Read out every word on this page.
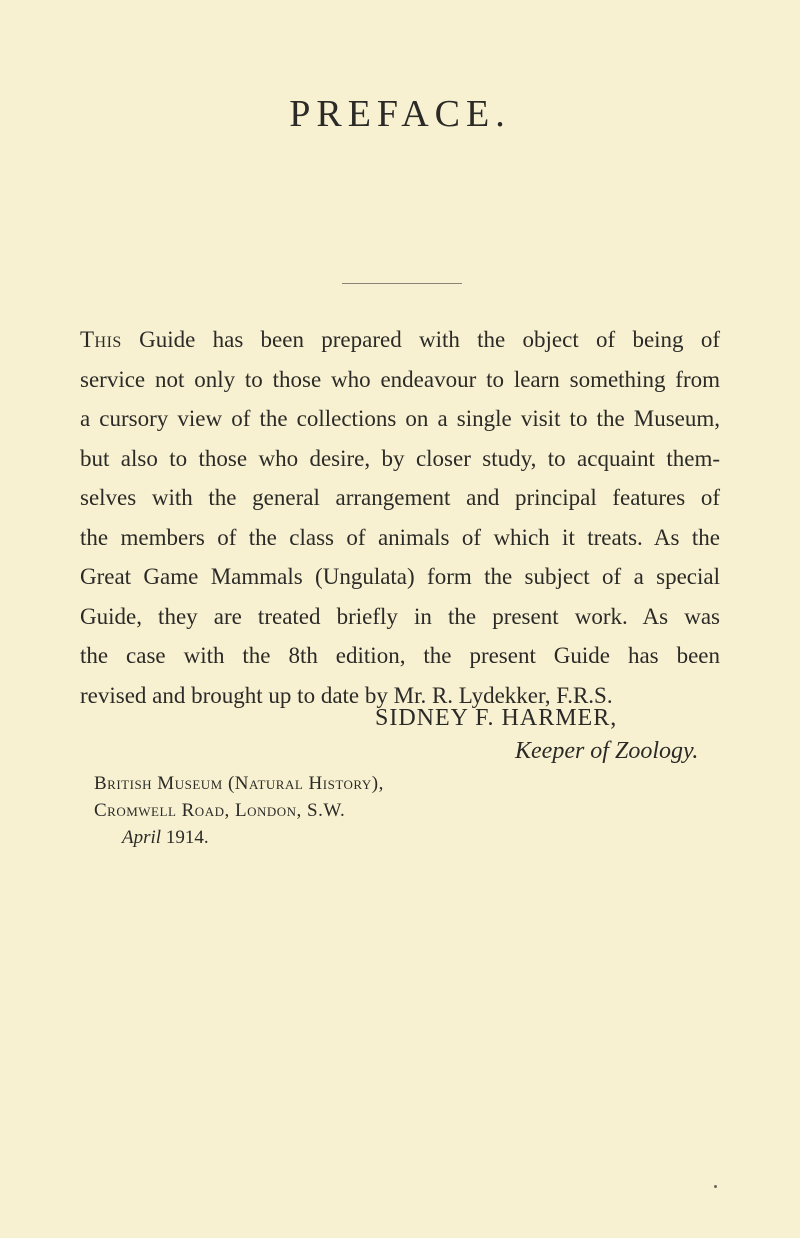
PREFACE.
This Guide has been prepared with the object of being of
service not only to those who endeavour to learn something from
a cursory view of the collections on a single visit to the Museum,
but also to those who desire, by closer study, to acquaint them-
selves with the general arrangement and principal features of
the members of the class of animals of which it treats. As the
Great Game Mammals (Ungulata) form the subject of a special
Guide, they are treated briefly in the present work. As was
the case with the 8th edition, the present Guide has been
revised and brought up to date by Mr. R. Lydekker, F.R.S.
SIDNEY F. HARMER,
Keeper of Zoology.
British Museum (Natural History),
Cromwell Road, London, S.W.
April 1914.
